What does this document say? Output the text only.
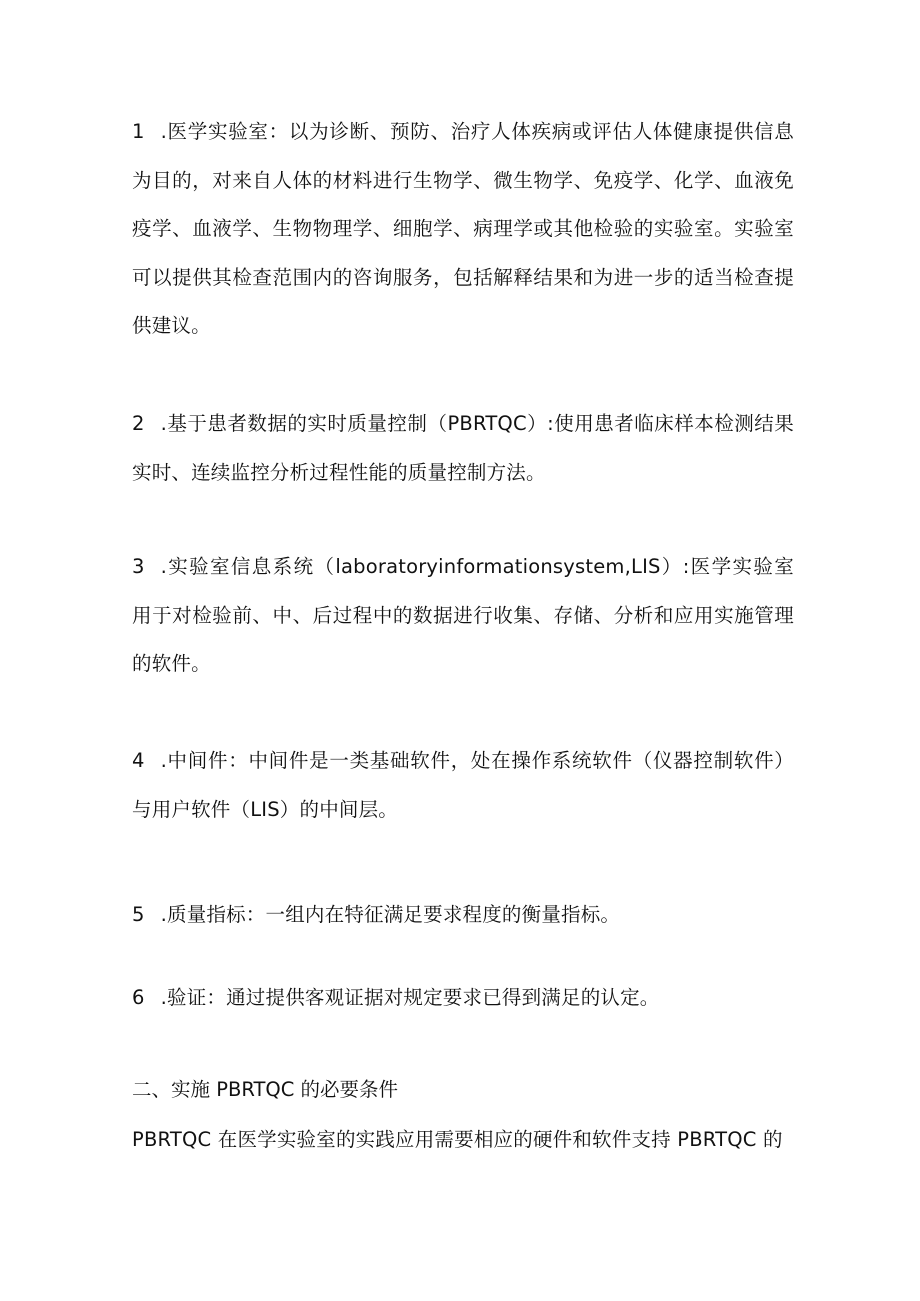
1 .医学实验室：以为诊断、预防、治疗人体疾病或评估人体健康提供信息为目的，对来自人体的材料进行生物学、微生物学、免疫学、化学、血液免疫学、血液学、生物物理学、细胞学、病理学或其他检验的实验室。实验室可以提供其检查范围内的咨询服务，包括解释结果和为进一步的适当检查提供建议。

2 .基于患者数据的实时质量控制（PBRTQC）:使用患者临床样本检测结果实时、连续监控分析过程性能的质量控制方法。

3 .实验室信息系统（laboratoryinformationsystem,LIS）:医学实验室用于对检验前、中、后过程中的数据进行收集、存储、分析和应用实施管理的软件。

4 .中间件：中间件是一类基础软件，处在操作系统软件（仪器控制软件）与用户软件（LIS）的中间层。

5 .质量指标：一组内在特征满足要求程度的衡量指标。

6 .验证：通过提供客观证据对规定要求已得到满足的认定。

二、实施 PBRTQC 的必要条件

PBRTQC 在医学实验室的实践应用需要相应的硬件和软件支持 PBRTQC 的
